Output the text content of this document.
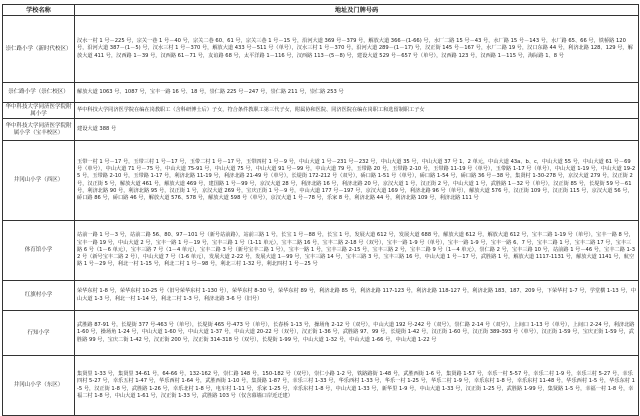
学校名称	地址及门牌号码
崇仁路小学（新时代校区）	汉水一村 1 号－225 号，宗关一巷 1 号－40 号，宗关二巷 60、61 号，宗关三巷 1 号－15 号，沿河大道 369 号－379 号，解放大道 366－(1-66) 号，水厂二路 15 号－43 号，水厂路 15 号－143 号，水厂路 65、66 号，铁桥路 120 号，沿河大道 387－(1－5) 号，汉水三村 1 号－370 号，解放大道 433 号－511 号（单号），汉水三村 1 号－370 号，沿河大道 289－(1－17) 号，汉正街 145 号－167 号，水厂二路 19 号，汉口东路 44 号，利济北路 128、129 号，解放大道 411 号，汉西路 1－39 号，汉西路 61－71 号，友谊路 68 号，太平洋路 1－116 号，汉西路 113－(5－8) 号，建设大道 529 号－657 号（单号），汉西路 123 号，汉西路 1－115 号，海际路 1、8 号
崇仁路小学（崇仁校区）	解放大道 1063 号、1087 号，宝丰一路 16 号、18 号，崇仁路 225 号－247 号，崇仁路 211 号，崇仁路 253 号
华中科技大学同济医学院附属小学	华中科技大学同济医学院在编在岗教职工（含科研博士后）子女，符合条件教职工第三代子女，附属协和医院、同济医院在编在岗职工和选留制职工子女
华中科技大学同济医学院附属小学（宝丰校区）	建设大道 388 号
井冈山小学（西区）	玉带一村 1 号－17 号，玉带三村 1 号－17 号，玉带二村 1 号－17 号，玉带四村 1 号－9 号，中山大道 1 号－231 号－232 号，中山大道 35 号，中山大道 37 号 1、2 单元，中山大道 43a、b、c，中山大道 55 号，中山大道 61 号－69 号（单号），中山大道 71 号－75 号，中山大道 75-91 号，中山大道 75 号，中山大道 91 号－99 号，中山大道 79 号，玉带路 20 号，玉带路 2-10 号，玉带路 11-19 号（单号），玉带路 1-17 号（单号），中山大道 1-19 号，中山大道 19-25 号，玉带路 2-10 号，玉带路 1-17 号，利济北路 11-19 号，利济北路 21-49 号（单号），长堤街 172-212 号（双号），硚口路 1-51 号（单号），硚口路 1-54 号，硚口路 36 号－38 号，集贤村 1-30-278 号，京汉大道 279 号，汉正街 2 号，汉正街 5 号，解放大道 461 号，解放大道 469 号，建国路 1 号－99 号，京汉大道 28 号，利济北路 16 号，利济北路 20 号，京汉大道 1 号，汉正街 2 号，中山大道 1 号，武胜路 1－32 号（单号），汉正街 85 号，长堤街 59 号－61 号，利济北路 90 号，利济北路 95 号，汉正街 1 号，京汉大道 269 号，宝庆正街 1 号－9 号，中山大道 177 号－197 号，京汉大道 169 号，利济北路 96 号（单号），解放大道 576 号，汉正街 109 号，汉正街 115 号，京汉大道 56 号，硚口路 86 号，硚口路 46 号，解放大道 576、578 号，解放大道 598 号（单号），京汉大道 1 号－78 号，乐家 8 号，利济北路 44 号，利济北路 109 号，利济北路 111 号
体育馆小学	站前一路 1 号－3 号，站前二路 56、80、97－101 号（新号站前路），站前三路 1 号，长宝 1 号－88 号，长宝 1 号，发展大道 612 号，发展大道 688 号，解放大道 612 号，解放大道 612 号，宝丰二路 1-19 号（单号），宝丰一路 8 号，宝丰一路 19 号，中山大道 2 号，宝丰一路 1 号－19 号，宝丰三路 1 号（1-11 单元），宝丰二路 16 号，宝丰二路 2-18 号（双号），宝丰一路 1-9 号（单号），宝丰一路 1-9 号，宝丰一路 6、7 号，宝丰二路 1 号，宝丰二路 17 号，宝丰三路 6 号（1－6 单元），宝丰三路 7 号（1－4 单元），宝丰二路 3 号（新号宝丰二路 1 号），宝丰一路 1 号，宝丰三路 2-15 号，宝丰三路 2 号，宝丰二路 9 号（1－4 单元），崇仁路 2 号，宝丰三路 10 号，站前路 1 号－46 号，宝丰二路 1-32 号（新号宝丰二路 2 号），中山大道 7 号（1-6 单元），发展大道 2-22 号，发展大道 1－99 号，宝丰三路 14 号，宝丰三路 3 号，宝丰三路 16 号，中山大道 1 号－17 号，武胜路 1 号，解放大道 1117-1131 号，解放大道 1141 号，航空路 1 号－29 号，利北一村 1-15 号，利北二村 1 号－98 号，利北三村 1-32 号，利北四村 1 号－25 号
红旗村小学	荣华东村 1-8 号，荣华东村 10-25 号（旧号荣华东村 1-130 号），荣华东村 8-30 号，荣华东村 89 号，利济北路 85 号，利济北路 117-123 号，利济北路 118-127 号，利济北路 183、187、209 号，下荣华村 1-7 号，学堂横 1-13 号，中山大道 1-3 号，利北一村 1-14 号，利北二村 1-3 号，利济北路 3-6 号（旧号）
行知小学	武胜路 87-91 号，长堤街 377 号-463 号（单号），长堤街 465 号-473 号（单号），长春桥 1-13 号，操场角 2-12 号（双号），中山大道 192 号-242 号（双号），崇仁路 2-14 号（双号），上间口 1-13 号（单号），上间口 2-24 号，利济北路 1-60 号，操场角 1-24 号，中山大道 1-60 号，中山大道 1-37 号，中山大道 20-22 号（双号），汉正街 1-36 号，武胜路 97、99 号，长堤街 1-42 号，汉正街 1-60 号，汉正街 389-393 号（单号），汉正街 1-59 号，宝庆正街 1-59 号，武胜路 99 号，宝庆二街 1-42 号，汉正街 200 号，汉正街 314-318 号（双号），长堤街 1-99 号，中山大道 1-32 号，中山大道 1-66 号，中山大道 1-22 号
井冈山小学（东区）	集贤里 1-33 号，集贤里 34-61 号，64-66 号，132-162 号，崇仁路 148 号，150-182 号（双号），崇仁小路 1-2 号，铁路路街 1-48 号，武胜西街 1-6 号，集贤路 1-57 号，幸乐一村 5-57 号，幸乐二村 1-9 号，幸乐三村 5-27 号，幸乐四村 5-27 号，幸乐五村 1-47 号，华乐西村 1-64 号，武胜西街 1-10 号，集贤路 1-87 号，幸乐三村 1-33 号，华乐西村 1-33 号，华乐一村 1-25 号，华乐二村 1-9 号，幸乐东村 1-8 号，幸乐东村 11-48 号，华乐西村 1-5 号，华乐东村 1-5 号，汉正街 1-8 号，武胜路 1-26 号，幸乐北村 1-8 号，电车村 1-11 号，乐家 1-25 号，幸乐东村 1-8 号，中山大道 1-33 号，新华里 1-9 号，中山大道 1-33 号，汉正街 1-25 号，武胜路 1-99 号，集贤路 1-5 号，幸福一村 1-8 号，幸福二村 1-8 号，中山大道 1-61 号，汉正街 1-33 号，武胜路 103 号（仅含幕墙口岸近迁建）
